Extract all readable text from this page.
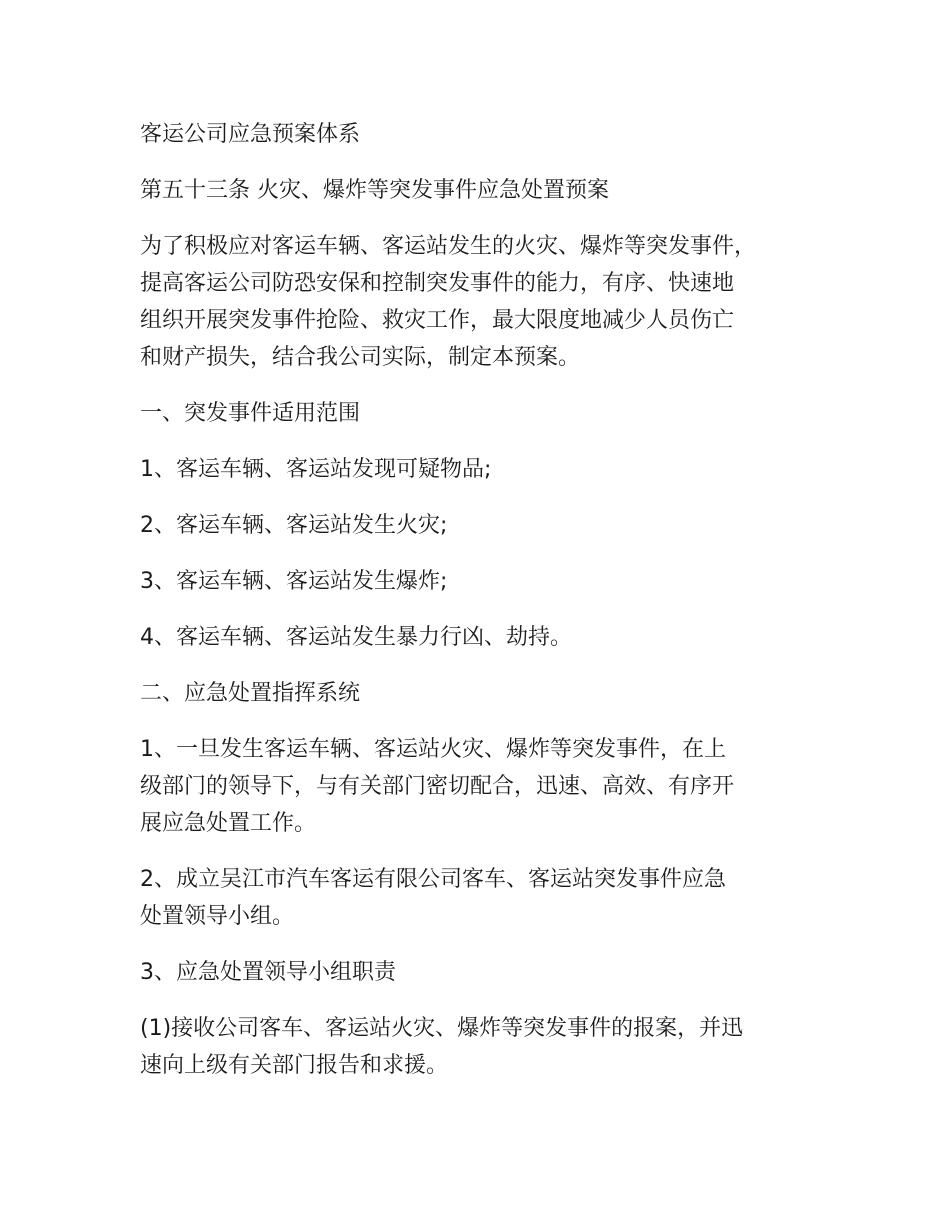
客运公司应急预案体系

第五十三条 火灾、爆炸等突发事件应急处置预案

为了积极应对客运车辆、客运站发生的火灾、爆炸等突发事件，
提高客运公司防恐安保和控制突发事件的能力，有序、快速地
组织开展突发事件抢险、救灾工作，最大限度地减少人员伤亡
和财产损失，结合我公司实际，制定本预案。

一、突发事件适用范围

1、客运车辆、客运站发现可疑物品;

2、客运车辆、客运站发生火灾;

3、客运车辆、客运站发生爆炸;

4、客运车辆、客运站发生暴力行凶、劫持。

二、应急处置指挥系统

1、一旦发生客运车辆、客运站火灾、爆炸等突发事件，在上
级部门的领导下，与有关部门密切配合，迅速、高效、有序开
展应急处置工作。

2、成立吴江市汽车客运有限公司客车、客运站突发事件应急
处置领导小组。

3、应急处置领导小组职责

(1)接收公司客车、客运站火灾、爆炸等突发事件的报案，并迅
速向上级有关部门报告和求援。
